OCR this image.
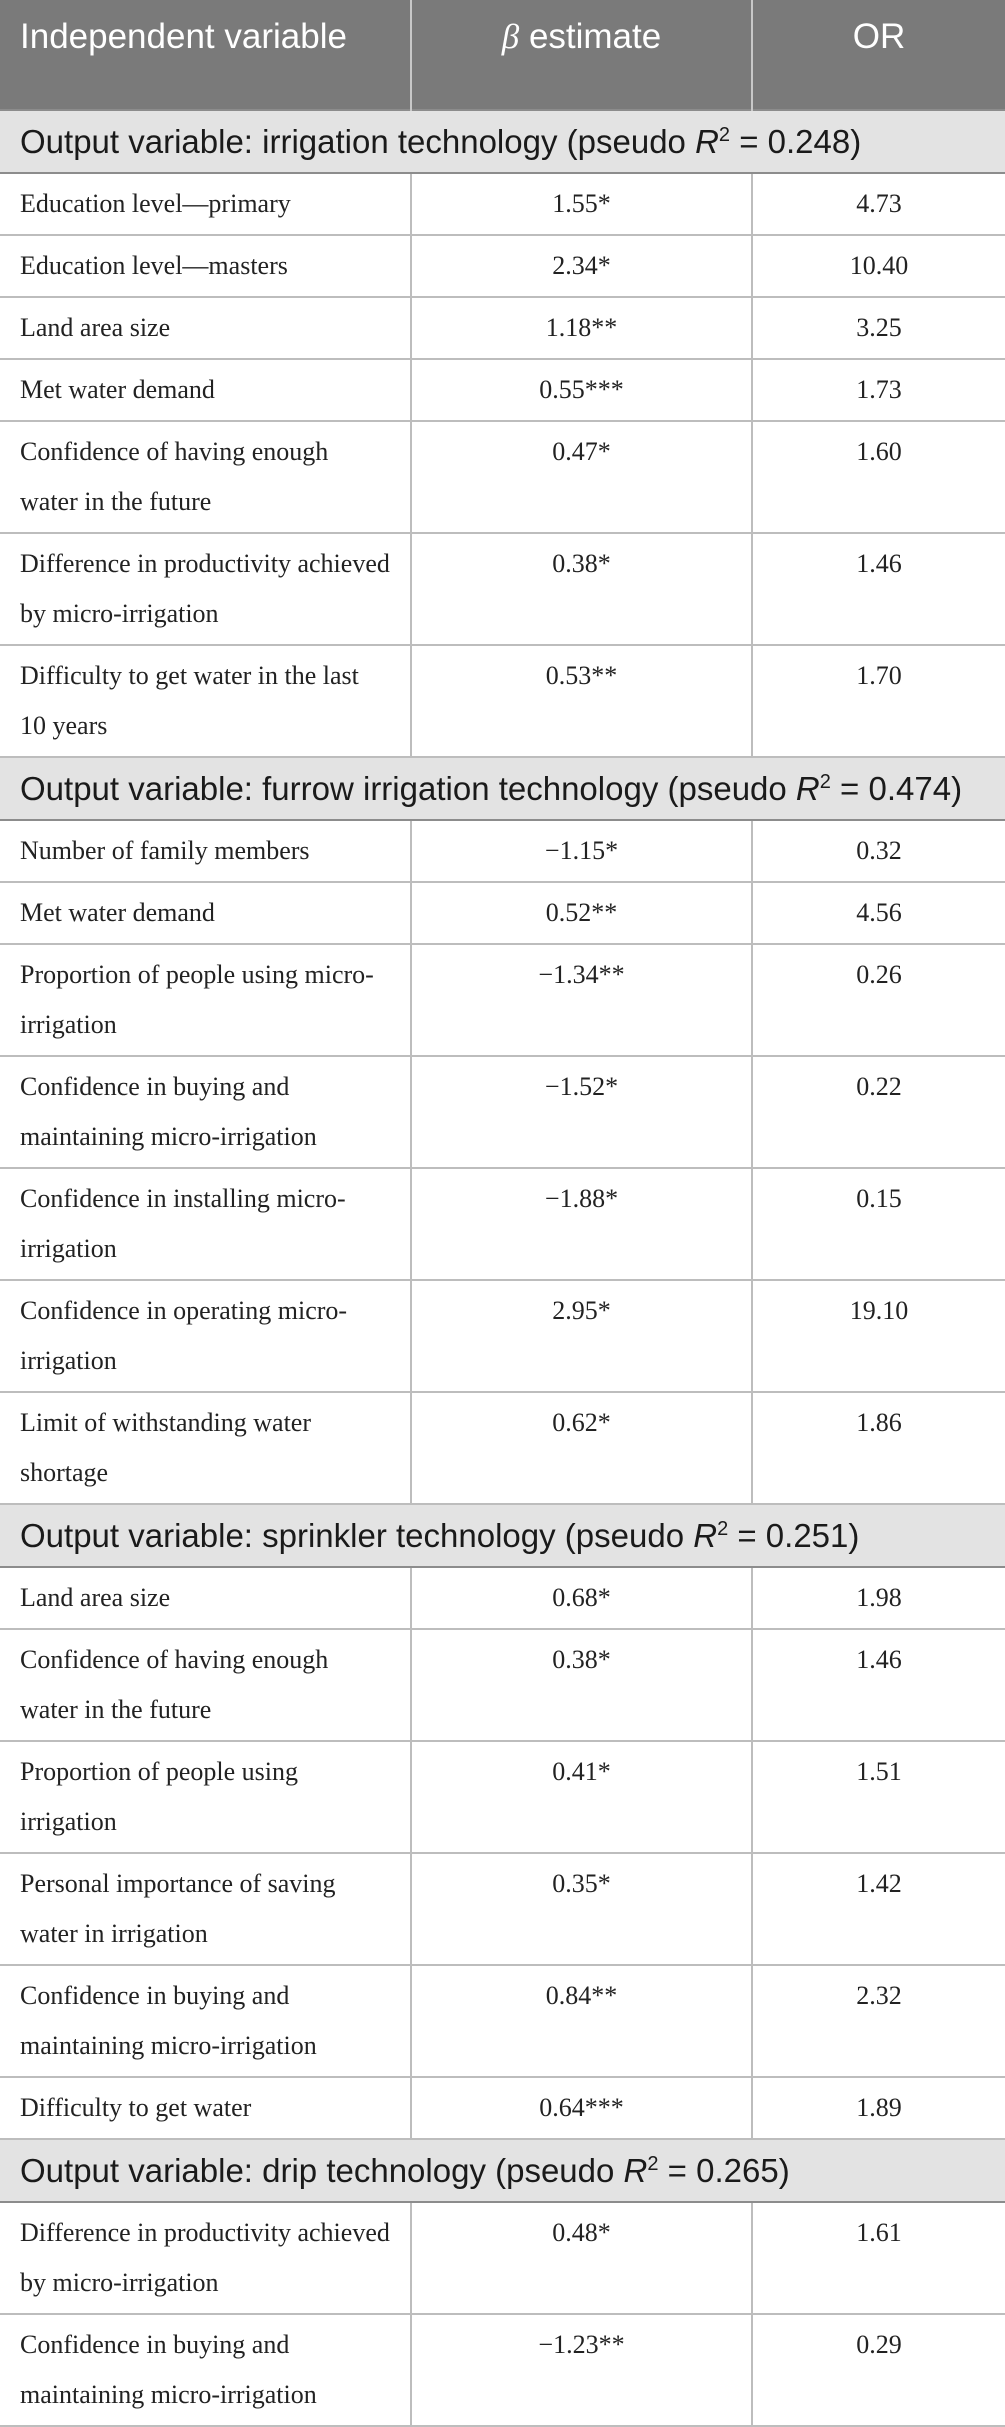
Independent variable	β estimate	OR
Output variable: irrigation technology (pseudo $R^2 = 0.248$)		
Education level—primary	1.55*	4.73
Education level—masters	2.34*	10.40
Land area size	1.18**	3.25
Met water demand	0.55***	1.73
Confidence of having enough water in the future	0.47*	1.60
Difference in productivity achieved by micro-irrigation	0.38*	1.46
Difficulty to get water in the last 10 years	0.53**	1.70
Output variable: furrow irrigation technology (pseudo $R^2 = 0.474$)		
Number of family members	−1.15*	0.32
Met water demand	0.52**	4.56
Proportion of people using micro-irrigation	−1.34**	0.26
Confidence in buying and maintaining micro-irrigation	−1.52*	0.22
Confidence in installing micro-irrigation	−1.88*	0.15
Confidence in operating micro-irrigation	2.95*	19.10
Limit of withstanding water shortage	0.62*	1.86
Output variable: sprinkler technology (pseudo $R^2 = 0.251$)		
Land area size	0.68*	1.98
Confidence of having enough water in the future	0.38*	1.46
Proportion of people using irrigation	0.41*	1.51
Personal importance of saving water in irrigation	0.35*	1.42
Confidence in buying and maintaining micro-irrigation	0.84**	2.32
Difficulty to get water	0.64***	1.89
Output variable: drip technology (pseudo $R^2 = 0.265$)		
Difference in productivity achieved by micro-irrigation	0.48*	1.61
Confidence in buying and maintaining micro-irrigation	−1.23**	0.29
